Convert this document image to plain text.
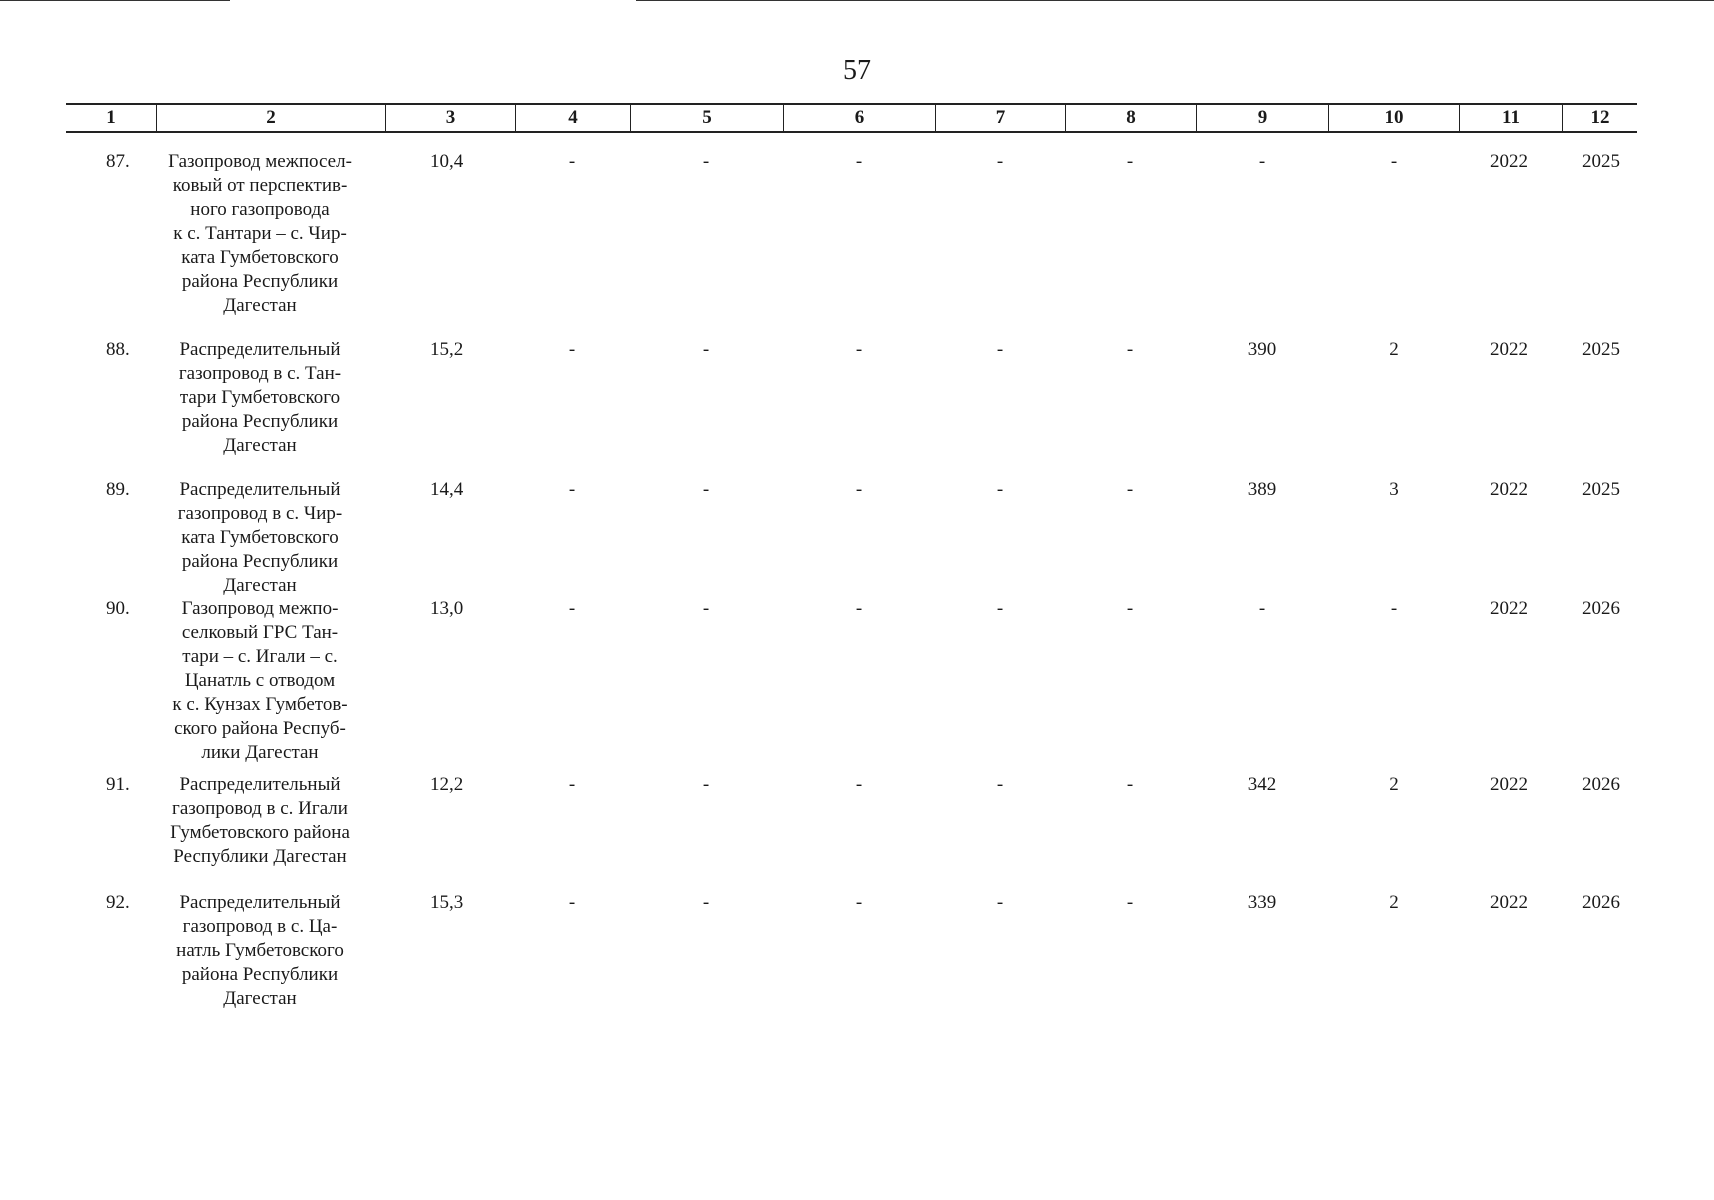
57
1	2	3	4	5	6	7	8	9	10	11	12
87.	Газопровод межпосел-
ковый от перспектив-
ного газопровода
к с. Тантари – с. Чир-
ката Гумбетовского
района Республики
Дагестан
10,4	-	-	-	-	-	-	-	2022	2025
88.	Распределительный
газопровод в с. Тан-
тари Гумбетовского
района Республики
Дагестан
15,2	-	-	-	-	-	390	2	2022	2025
89.	Распределительный
газопровод в с. Чир-
ката Гумбетовского
района Республики
Дагестан
14,4	-	-	-	-	-	389	3	2022	2025
90.	Газопровод межпо-
селковый ГРС Тан-
тари – с. Игали – с.
Цанатль с отводом
к с. Кунзах Гумбетов-
ского района Респуб-
лики Дагестан
13,0	-	-	-	-	-	-	-	2022	2026
91.	Распределительный
газопровод в с. Игали
Гумбетовского района
Республики Дагестан
12,2	-	-	-	-	-	342	2	2022	2026
92.	Распределительный
газопровод в с. Ца-
натль Гумбетовского
района Республики
Дагестан
15,3	-	-	-	-	-	339	2	2022	2026
